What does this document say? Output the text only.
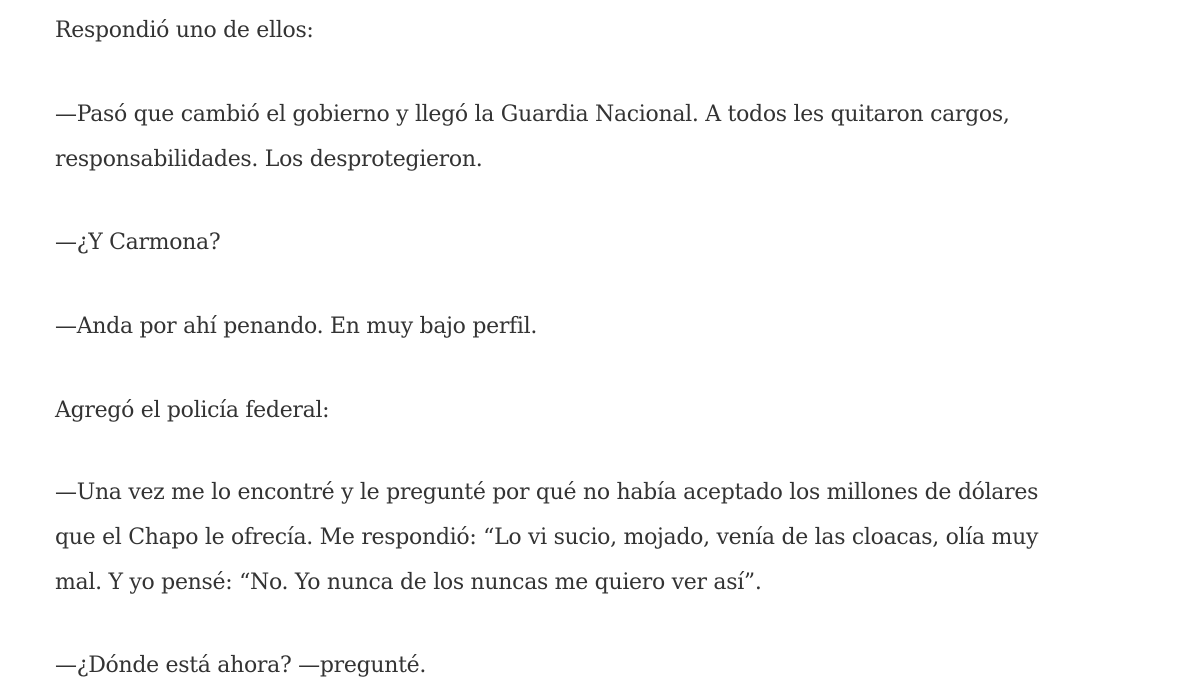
Respondió uno de ellos:

—Pasó que cambió el gobierno y llegó la Guardia Nacional. A todos les quitaron cargos,
responsabilidades. Los desprotegieron.

—¿Y Carmona?

—Anda por ahí penando. En muy bajo perfil.

Agregó el policía federal:

—Una vez me lo encontré y le pregunté por qué no había aceptado los millones de dólares
que el Chapo le ofrecía. Me respondió: “Lo vi sucio, mojado, venía de las cloacas, olía muy
mal. Y yo pensé: “No. Yo nunca de los nuncas me quiero ver así”.

—¿Dónde está ahora? —pregunté.
